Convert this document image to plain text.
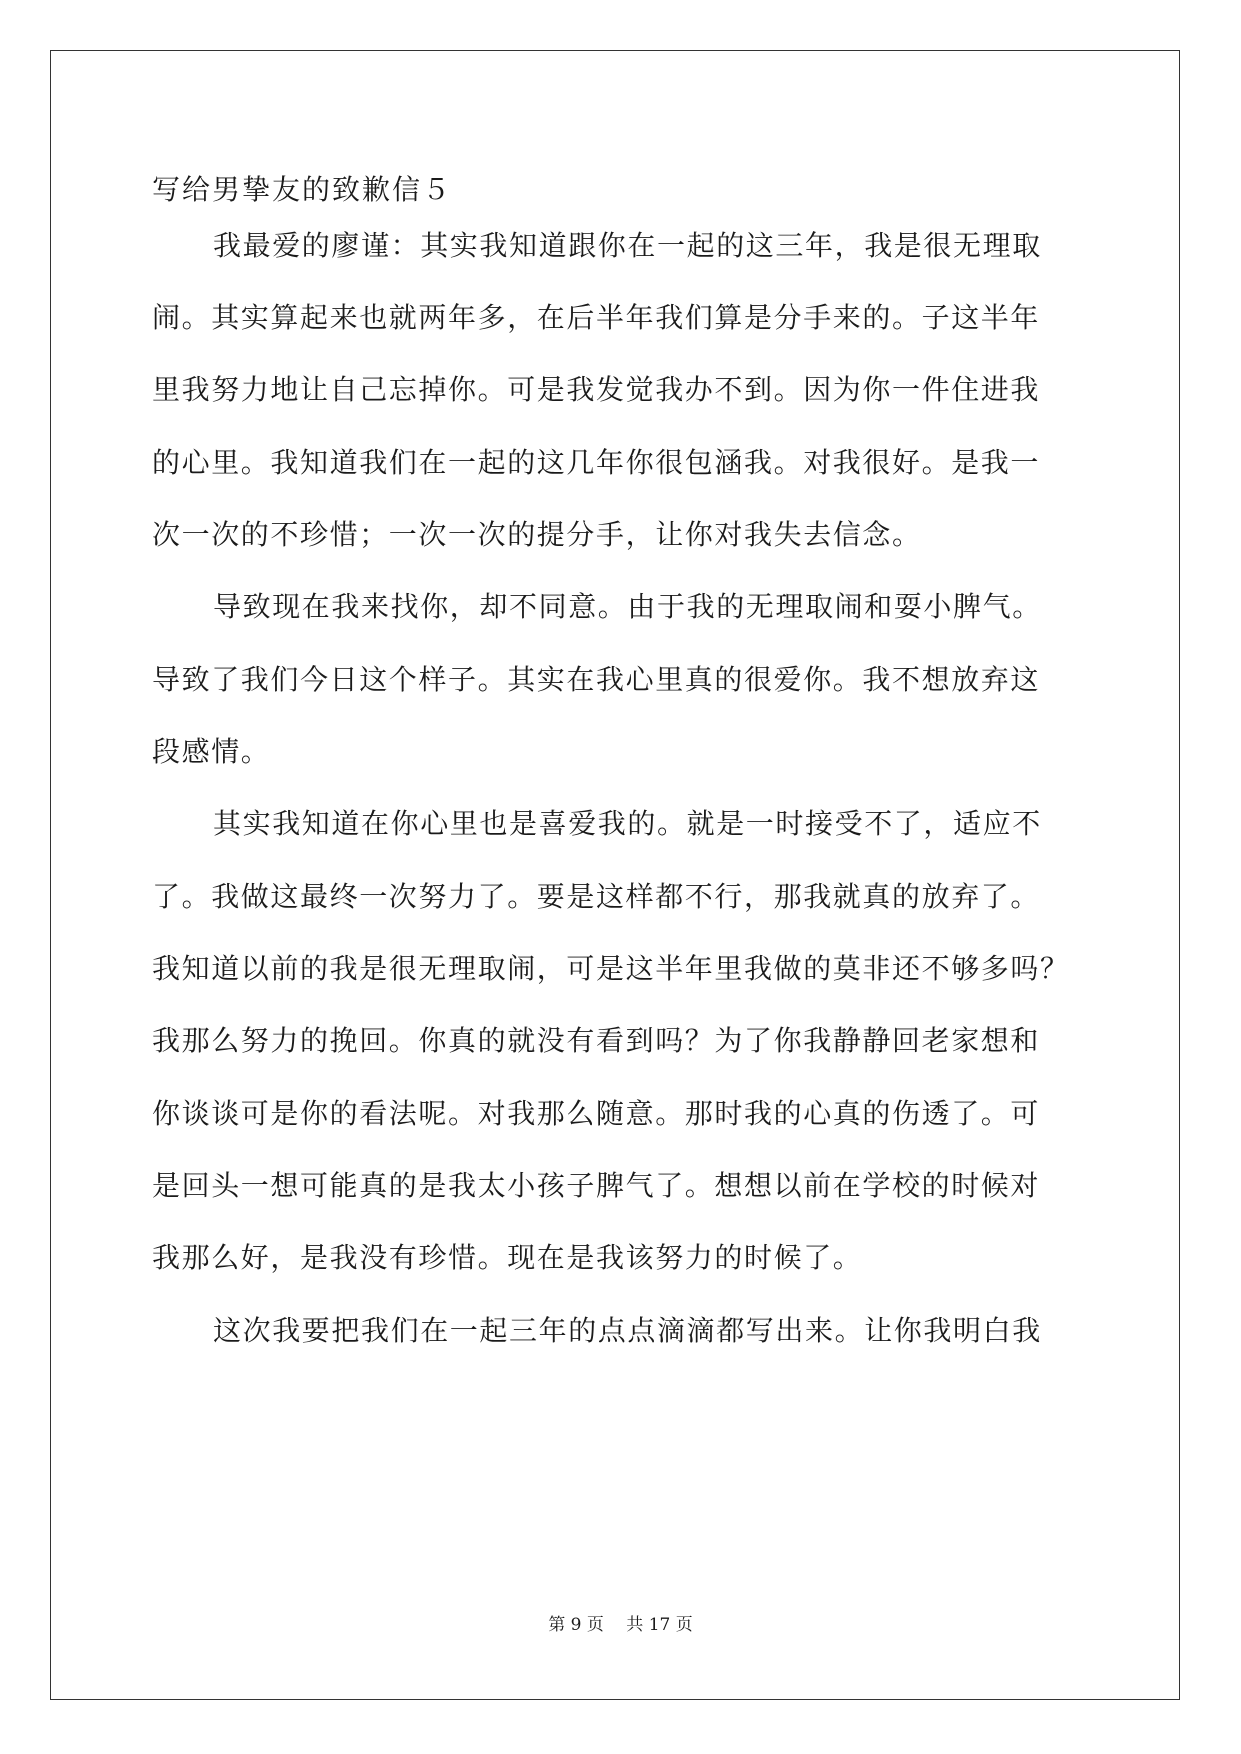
写给男挚友的致歉信５
我最爱的廖谨：其实我知道跟你在一起的这三年，我是很无理取
闹。其实算起来也就两年多，在后半年我们算是分手来的。子这半年
里我努力地让自己忘掉你。可是我发觉我办不到。因为你一件住进我
的心里。我知道我们在一起的这几年你很包涵我。对我很好。是我一
次一次的不珍惜；一次一次的提分手，让你对我失去信念。
导致现在我来找你，却不同意。由于我的无理取闹和耍小脾气。
导致了我们今日这个样子。其实在我心里真的很爱你。我不想放弃这
段感情。
其实我知道在你心里也是喜爱我的。就是一时接受不了，适应不
了。我做这最终一次努力了。要是这样都不行，那我就真的放弃了。
我知道以前的我是很无理取闹，可是这半年里我做的莫非还不够多吗？
我那么努力的挽回。你真的就没有看到吗？为了你我静静回老家想和
你谈谈可是你的看法呢。对我那么随意。那时我的心真的伤透了。可
是回头一想可能真的是我太小孩子脾气了。想想以前在学校的时候对
我那么好，是我没有珍惜。现在是我该努力的时候了。
这次我要把我们在一起三年的点点滴滴都写出来。让你我明白我
第 9 页　 共 17 页
